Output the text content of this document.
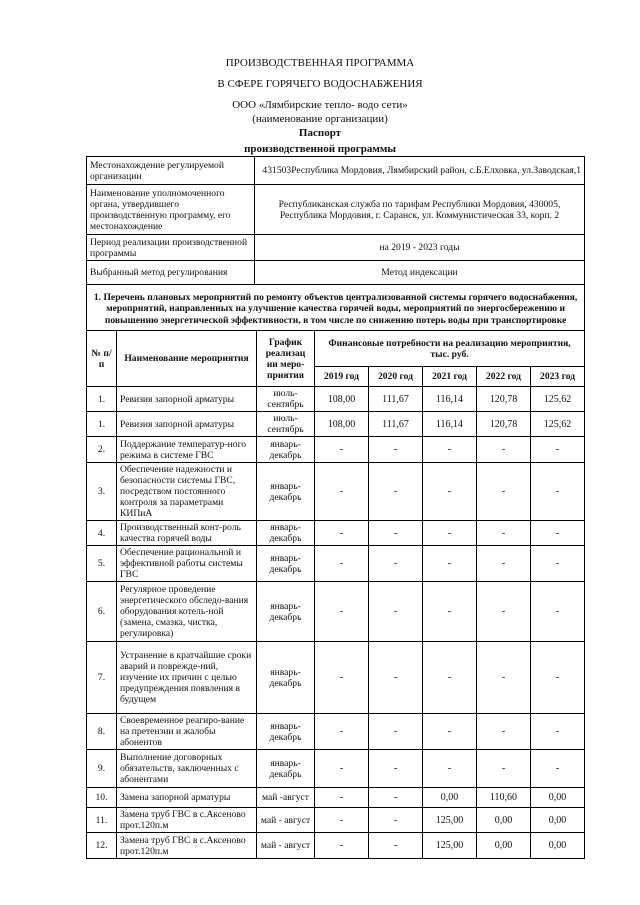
ПРОИЗВОДСТВЕННАЯ ПРОГРАММА
В СФЕРЕ ГОРЯЧЕГО ВОДОСНАБЖЕНИЯ
ООО «Лямбирские тепло- водо сети»
(наименование организации)
Паспорт
производственной программы
Местонахождение регулируемой организации	431503Республика Мордовия, Лямбирский район, с.Б.Елховка, ул.Заводская,1
Наименование уполномоченного органа, утвердившего производственную программу, его местонахождение	Республиканская служба по тарифам Республики Мордовия, 430005, Республика Мордовия, г. Саранск, ул. Коммунистическая 33, корп. 2
Период реализации производственной программы	на 2019 - 2023 годы
Выбранный метод регулирования	Метод индексации
1. Перечень плановых мероприятий по ремонту объектов централизованной системы горячего водоснабжения, мероприятий, направленных на улучшение качества горячей воды, мероприятий по энергосбережению и повышению энергетической эффективности, в том числе по снижению потерь воды при транспортировке							
№ п/п	Наименование мероприятия	График реализац ии меро- приятия	Финансовые потребности на реализацию мероприятия, тыс. руб.				
			2019 год	2020 год	2021 год	2022 год	2023 год
1.	Ревизия запорной арматуры	июль-сентябрь	108,00	111,67	116,14	120,78	125,62
1.	Ревизия запорной арматуры	июль-сентябрь	108,00	111,67	116,14	120,78	125,62
2.	Поддержание температур-ного режима в системе ГВС	январь-декабрь	-	-	-	-	-
3.	Обеспечение надежности и безопасности системы ГВС, посредством постоянного контроля за параметрами КИПиА	январь-декабрь	-	-	-	-	-
4.	Производственный конт-роль качества горячей воды	январь-декабрь	-	-	-	-	-
5.	Обеспечение рациональной и эффективной работы системы ГВС	январь-декабрь	-	-	-	-	-
6.	Регулярное проведение энергетического обследо-вания оборудования котель-ной (замена, смазка, чистка, регулировка)	январь-декабрь	-	-	-	-	-
7.	Устранение в кратчайшие сроки аварий и поврежде-ний, изучение их причин с целью предупреждения появления в будущем	январь-декабрь	-	-	-	-	-
8.	Своевременное реагиро-вание на претензии и жалобы абонентов	январь-декабрь	-	-	-	-	-
9.	Выполнение договорных обязательств, заключенных с абонентами	январь-декабрь	-	-	-	-	-
10.	Замена запорной арматуры	май -август	-	-	0,00	110,60	0,00
11.	Замена труб ГВС в с.Аксеново прот.120п.м	май - август	-	-	125,00	0,00	0,00
12.	Замена труб ГВС в с.Аксеново прот.120п.м	май - август	-	-	125,00	0,00	0,00
